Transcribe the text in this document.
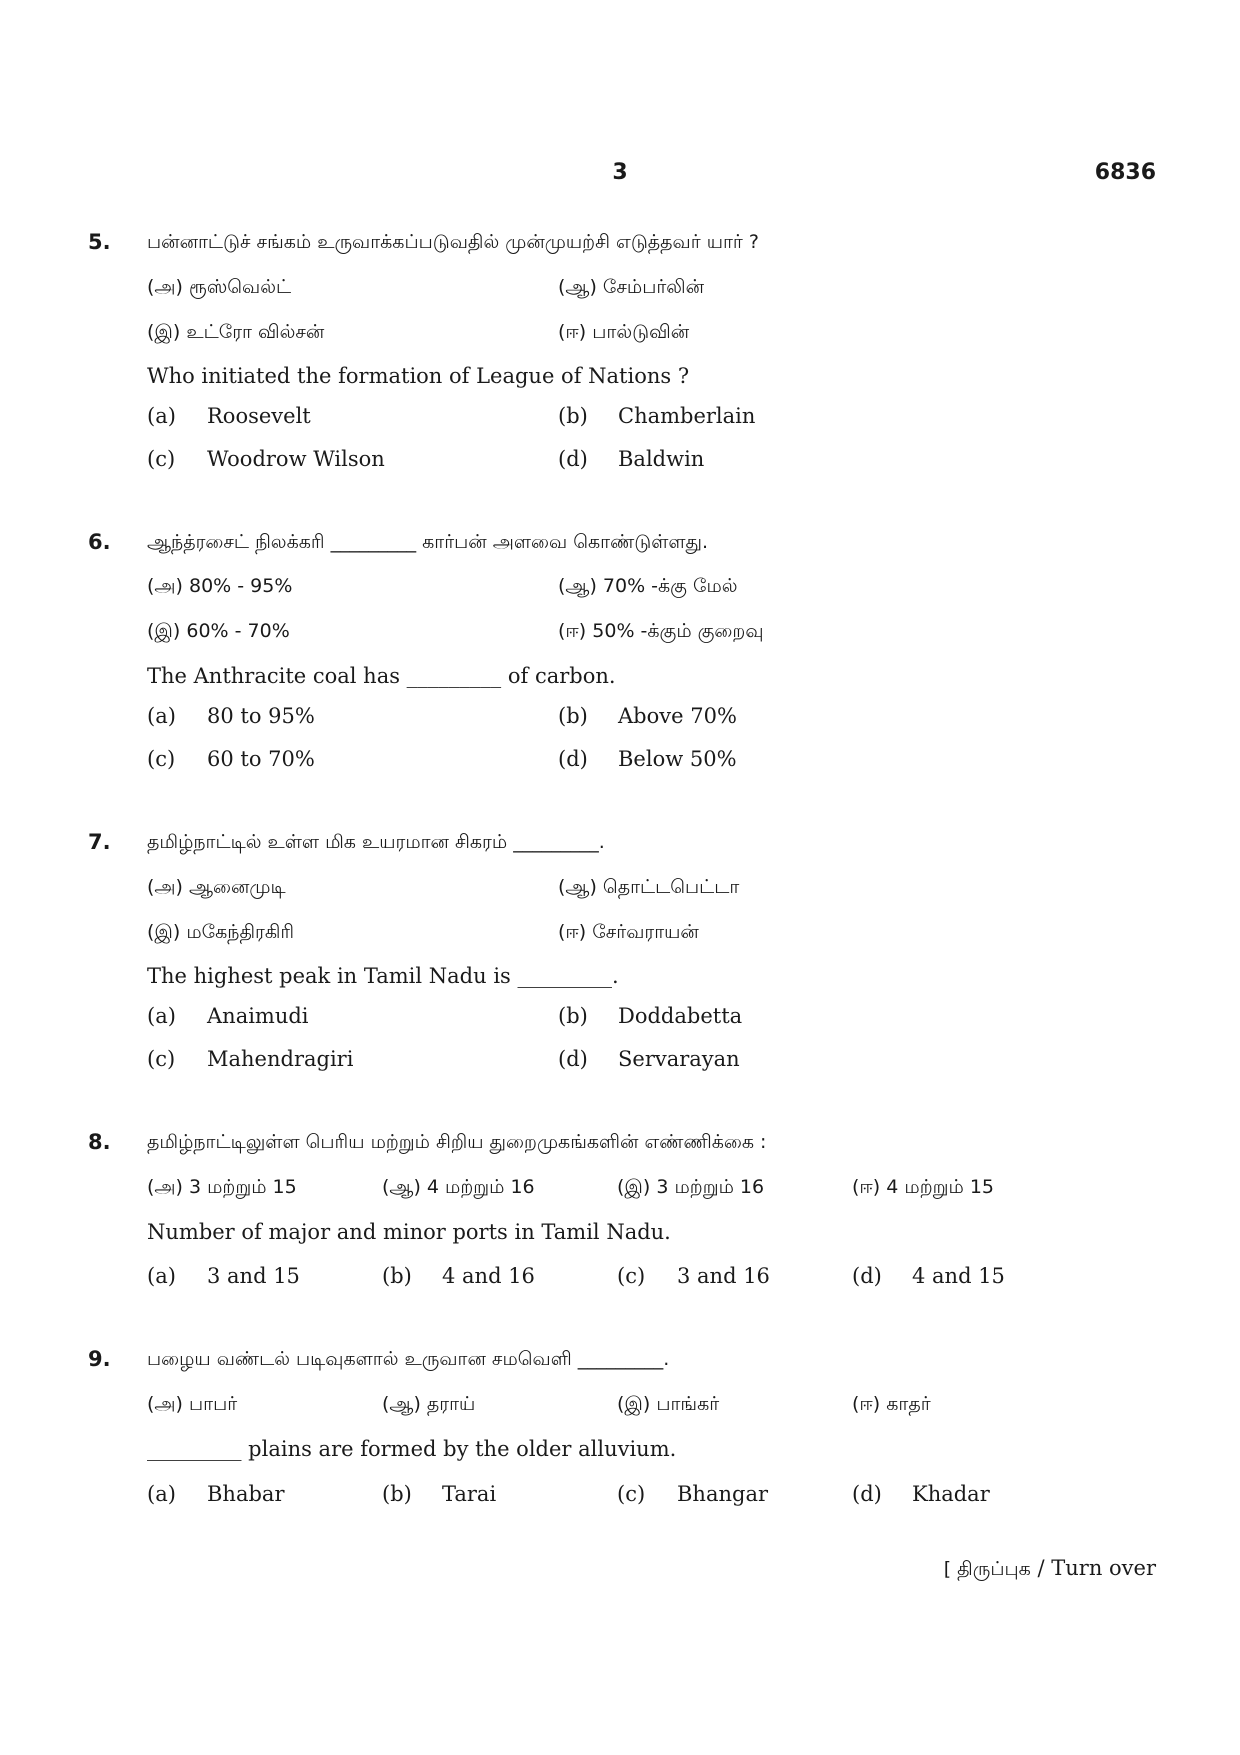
3	6836
5. பன்னாட்டுச் சங்கம் உருவாக்கப்படுவதில் முன்முயற்சி எடுத்தவர் யார் ?
(அ) ரூஸ்வெல்ட்	(ஆ) சேம்பர்லின்
(இ) உட்ரோ வில்சன்	(ஈ) பால்டுவின்
Who initiated the formation of League of Nations ?
(a) Roosevelt	(b) Chamberlain
(c) Woodrow Wilson	(d) Baldwin
6. ஆந்த்ரசைட் நிலக்கரி _________ கார்பன் அளவை கொண்டுள்ளது.
(அ) 80% - 95%	(ஆ) 70% -க்கு மேல்
(இ) 60% - 70%	(ஈ) 50% -க்கும் குறைவு
The Anthracite coal has _________ of carbon.
(a) 80 to 95%	(b) Above 70%
(c) 60 to 70%	(d) Below 50%
7. தமிழ்நாட்டில் உள்ள மிக உயரமான சிகரம் _________.
(அ) ஆனைமுடி	(ஆ) தொட்டபெட்டா
(இ) மகேந்திரகிரி	(ஈ) சேர்வராயன்
The highest peak in Tamil Nadu is _________.
(a) Anaimudi	(b) Doddabetta
(c) Mahendragiri	(d) Servarayan
8. தமிழ்நாட்டிலுள்ள பெரிய மற்றும் சிறிய துறைமுகங்களின் எண்ணிக்கை :
(அ) 3 மற்றும் 15	(ஆ) 4 மற்றும் 16	(இ) 3 மற்றும் 16	(ஈ) 4 மற்றும் 15
Number of major and minor ports in Tamil Nadu.
(a) 3 and 15	(b) 4 and 16	(c) 3 and 16	(d) 4 and 15
9. பழைய வண்டல் படிவுகளால் உருவான சமவெளி _________.
(அ) பாபர்	(ஆ) தராய்	(இ) பாங்கர்	(ஈ) காதர்
_________ plains are formed by the older alluvium.
(a) Bhabar	(b) Tarai	(c) Bhangar	(d) Khadar
[ திருப்புக / Turn over
